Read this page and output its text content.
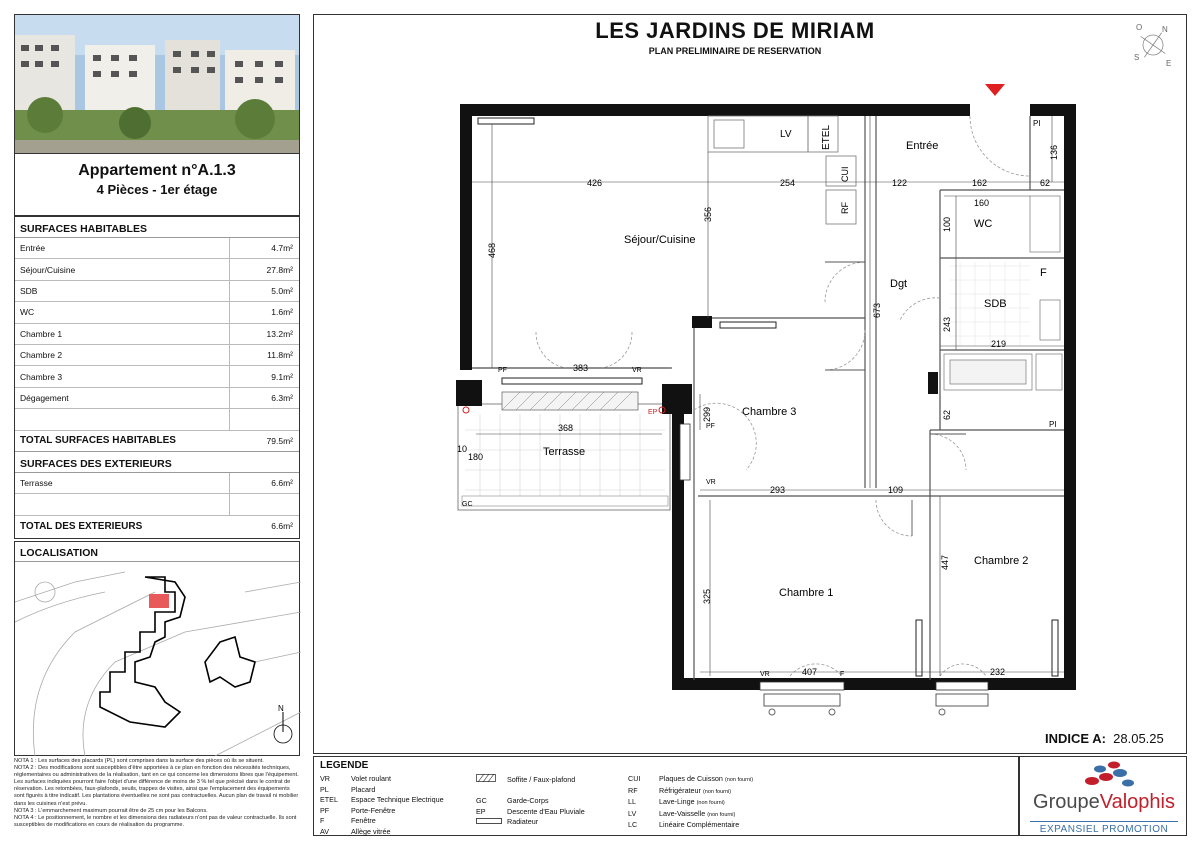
Appartement n°A.1.3
4 Pièces - 1er étage
SURFACES HABITABLES
Entrée	4.7m²
Séjour/Cuisine	27.8m²
SDB	5.0m²
WC	1.6m²
Chambre 1	13.2m²
Chambre 2	11.8m²
Chambre 3	9.1m²
Dégagement	6.3m²
TOTAL SURFACES HABITABLES	79.5m²
SURFACES DES EXTERIEURS
Terrasse	6.6m²
TOTAL DES EXTERIEURS	6.6m²
LOCALISATION
N
NOTA 1 : Les surfaces des placards (PL) sont comprises dans la surface des pièces où ils se situent.
NOTA 2 : Des modifications sont susceptibles d'être apportées à ce plan en fonction des nécessités techniques, réglementaires ou administratives de la réalisation, tant en ce qui concerne les dimensions libres que l'équipement. Les surfaces indiquées pourront faire l'objet d'une différence de moins de 3 % tel que précisé dans le contrat de réservation. Les retombées, faux-plafonds, seuils, trappes de visites, ainsi que l'emplacement des équipements sont figurés à titre indicatif. Les plantations éventuelles ne sont pas contractuelles. Aucun plan de travail ni mobilier dans les cuisines n'est prévu.
NOTA 3 : L'emmarchement maximum pourrait être de 25 cm pour les Balcons.
NOTA 4 : Le positionnement, le nombre et les dimensions des radiateurs n'ont pas de valeur contractuelle. Ils sont susceptibles de modifications en cours de réalisation du programme.
LES JARDINS DE MIRIAM
PLAN PRELIMINAIRE DE RESERVATION
O N
S
E
Entrée
Séjour/Cuisine
WC
Dgt
SDB
Chambre 3
Terrasse
Chambre 1
Chambre 2
LV	ETEL
CUI
RF
PI
PI
F
PF	VR
PF
VR
VR	F
GC
EP
426	254	122	162	62
136
468
356
160
100
673
243
219
383
62
368
299
10
180
293	109
447
325
407	232
INDICE A: 28.05.25
LEGENDE
VR	Volet roulant
PL	Placard
ETEL Espace Technique Electrique
PF	Porte-Fenêtre
F	Fenêtre
AV	Allège vitrée
Soffite / Faux-plafond
GC	Garde-Corps
EP	Descente d'Eau Pluviale
Radiateur
CUI	Plaques de Cuisson (non fourni)
RF	Réfrigérateur (non fourni)
LL	Lave-Linge (non fourni)
LV	Lave-Vaisselle (non fourni)
LC	Linéaire Complémentaire
GroupeValophis
EXPANSIEL PROMOTION
